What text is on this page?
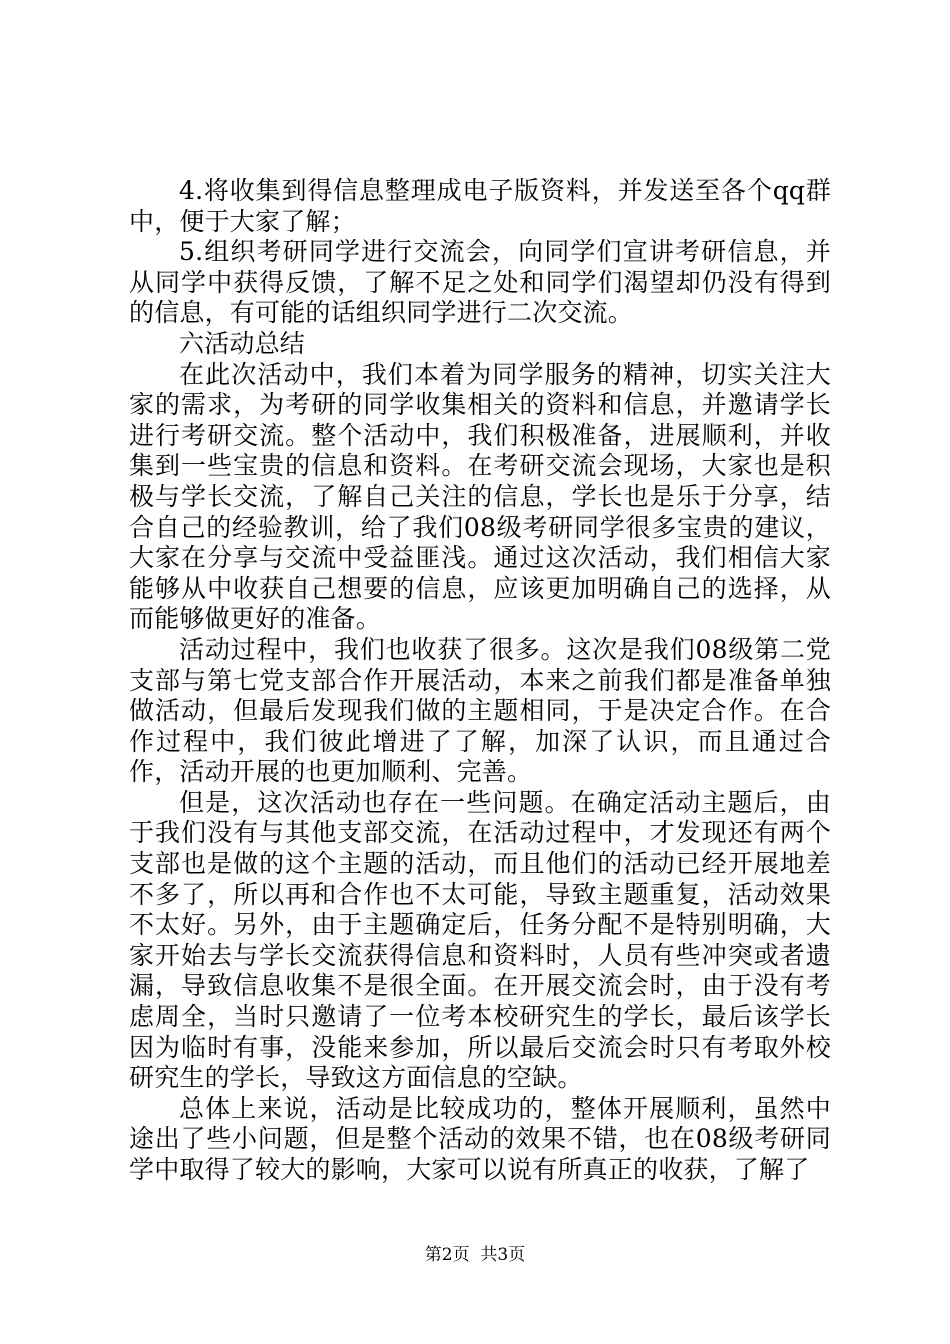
4.将收集到得信息整理成电子版资料，并发送至各个qq群中，便于大家了解；

5.组织考研同学进行交流会，向同学们宣讲考研信息，并从同学中获得反馈，了解不足之处和同学们渴望却仍没有得到的信息，有可能的话组织同学进行二次交流。

六活动总结

在此次活动中，我们本着为同学服务的精神，切实关注大家的需求，为考研的同学收集相关的资料和信息，并邀请学长进行考研交流。整个活动中，我们积极准备，进展顺利，并收集到一些宝贵的信息和资料。在考研交流会现场，大家也是积极与学长交流，了解自己关注的信息，学长也是乐于分享，结合自己的经验教训，给了我们08级考研同学很多宝贵的建议，大家在分享与交流中受益匪浅。通过这次活动，我们相信大家能够从中收获自己想要的信息，应该更加明确自己的选择，从而能够做更好的准备。

活动过程中，我们也收获了很多。这次是我们08级第二党支部与第七党支部合作开展活动，本来之前我们都是准备单独做活动，但最后发现我们做的主题相同，于是决定合作。在合作过程中，我们彼此增进了了解，加深了认识，而且通过合作，活动开展的也更加顺利、完善。

但是，这次活动也存在一些问题。在确定活动主题后，由于我们没有与其他支部交流，在活动过程中，才发现还有两个支部也是做的这个主题的活动，而且他们的活动已经开展地差不多了，所以再和合作也不太可能，导致主题重复，活动效果不太好。另外，由于主题确定后，任务分配不是特别明确，大家开始去与学长交流获得信息和资料时，人员有些冲突或者遗漏，导致信息收集不是很全面。在开展交流会时，由于没有考虑周全，当时只邀请了一位考本校研究生的学长，最后该学长因为临时有事，没能来参加，所以最后交流会时只有考取外校研究生的学长，导致这方面信息的空缺。

总体上来说，活动是比较成功的，整体开展顺利，虽然中途出了些小问题，但是整个活动的效果不错，也在08级考研同学中取得了较大的影响，大家可以说有所真正的收获，了解了

第2页 共3页
